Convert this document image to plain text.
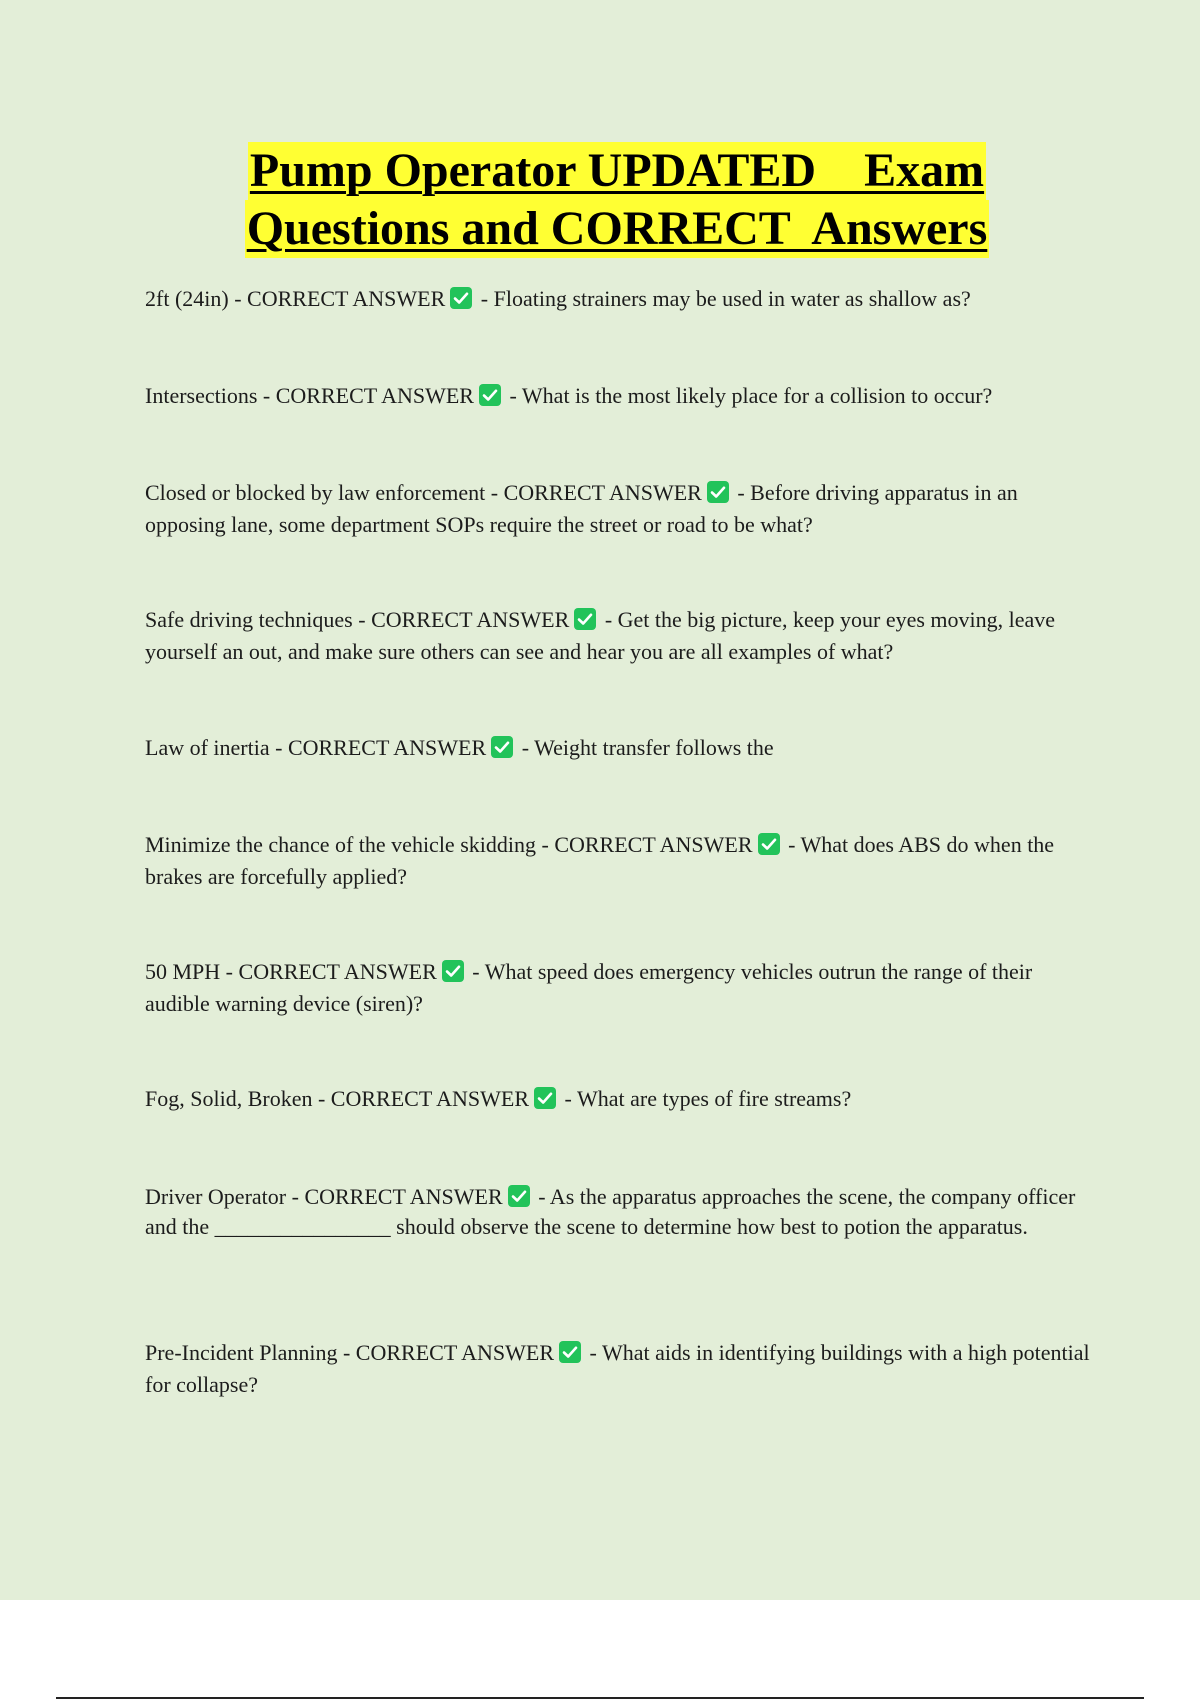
Pump Operator UPDATED    Exam
Questions and CORRECT  Answers
2ft (24in) - CORRECT ANSWER
- Floating strainers may be used in water as shallow as?
Intersections - CORRECT ANSWER
- What is the most likely place for a collision to occur?
Closed or blocked by law enforcement - CORRECT ANSWER
- Before driving apparatus in an opposing lane, some department SOPs require the street or road to be what?
Safe driving techniques - CORRECT ANSWER
- Get the big picture, keep your eyes moving, leave yourself an out, and make sure others can see and hear you are all examples of what?
Law of inertia - CORRECT ANSWER
- Weight transfer follows the
Minimize the chance of the vehicle skidding - CORRECT ANSWER
- What does ABS do when the brakes are forcefully applied?
50 MPH - CORRECT ANSWER
- What speed does emergency vehicles outrun the range of their audible warning device (siren)?
Fog, Solid, Broken - CORRECT ANSWER
- What are types of fire streams?
Driver Operator - CORRECT ANSWER
- As the apparatus approaches the scene, the company officer and the ________________ should observe the scene to determine how best to potion the apparatus.
Pre-Incident Planning - CORRECT ANSWER
- What aids in identifying buildings with a high potential for collapse?
